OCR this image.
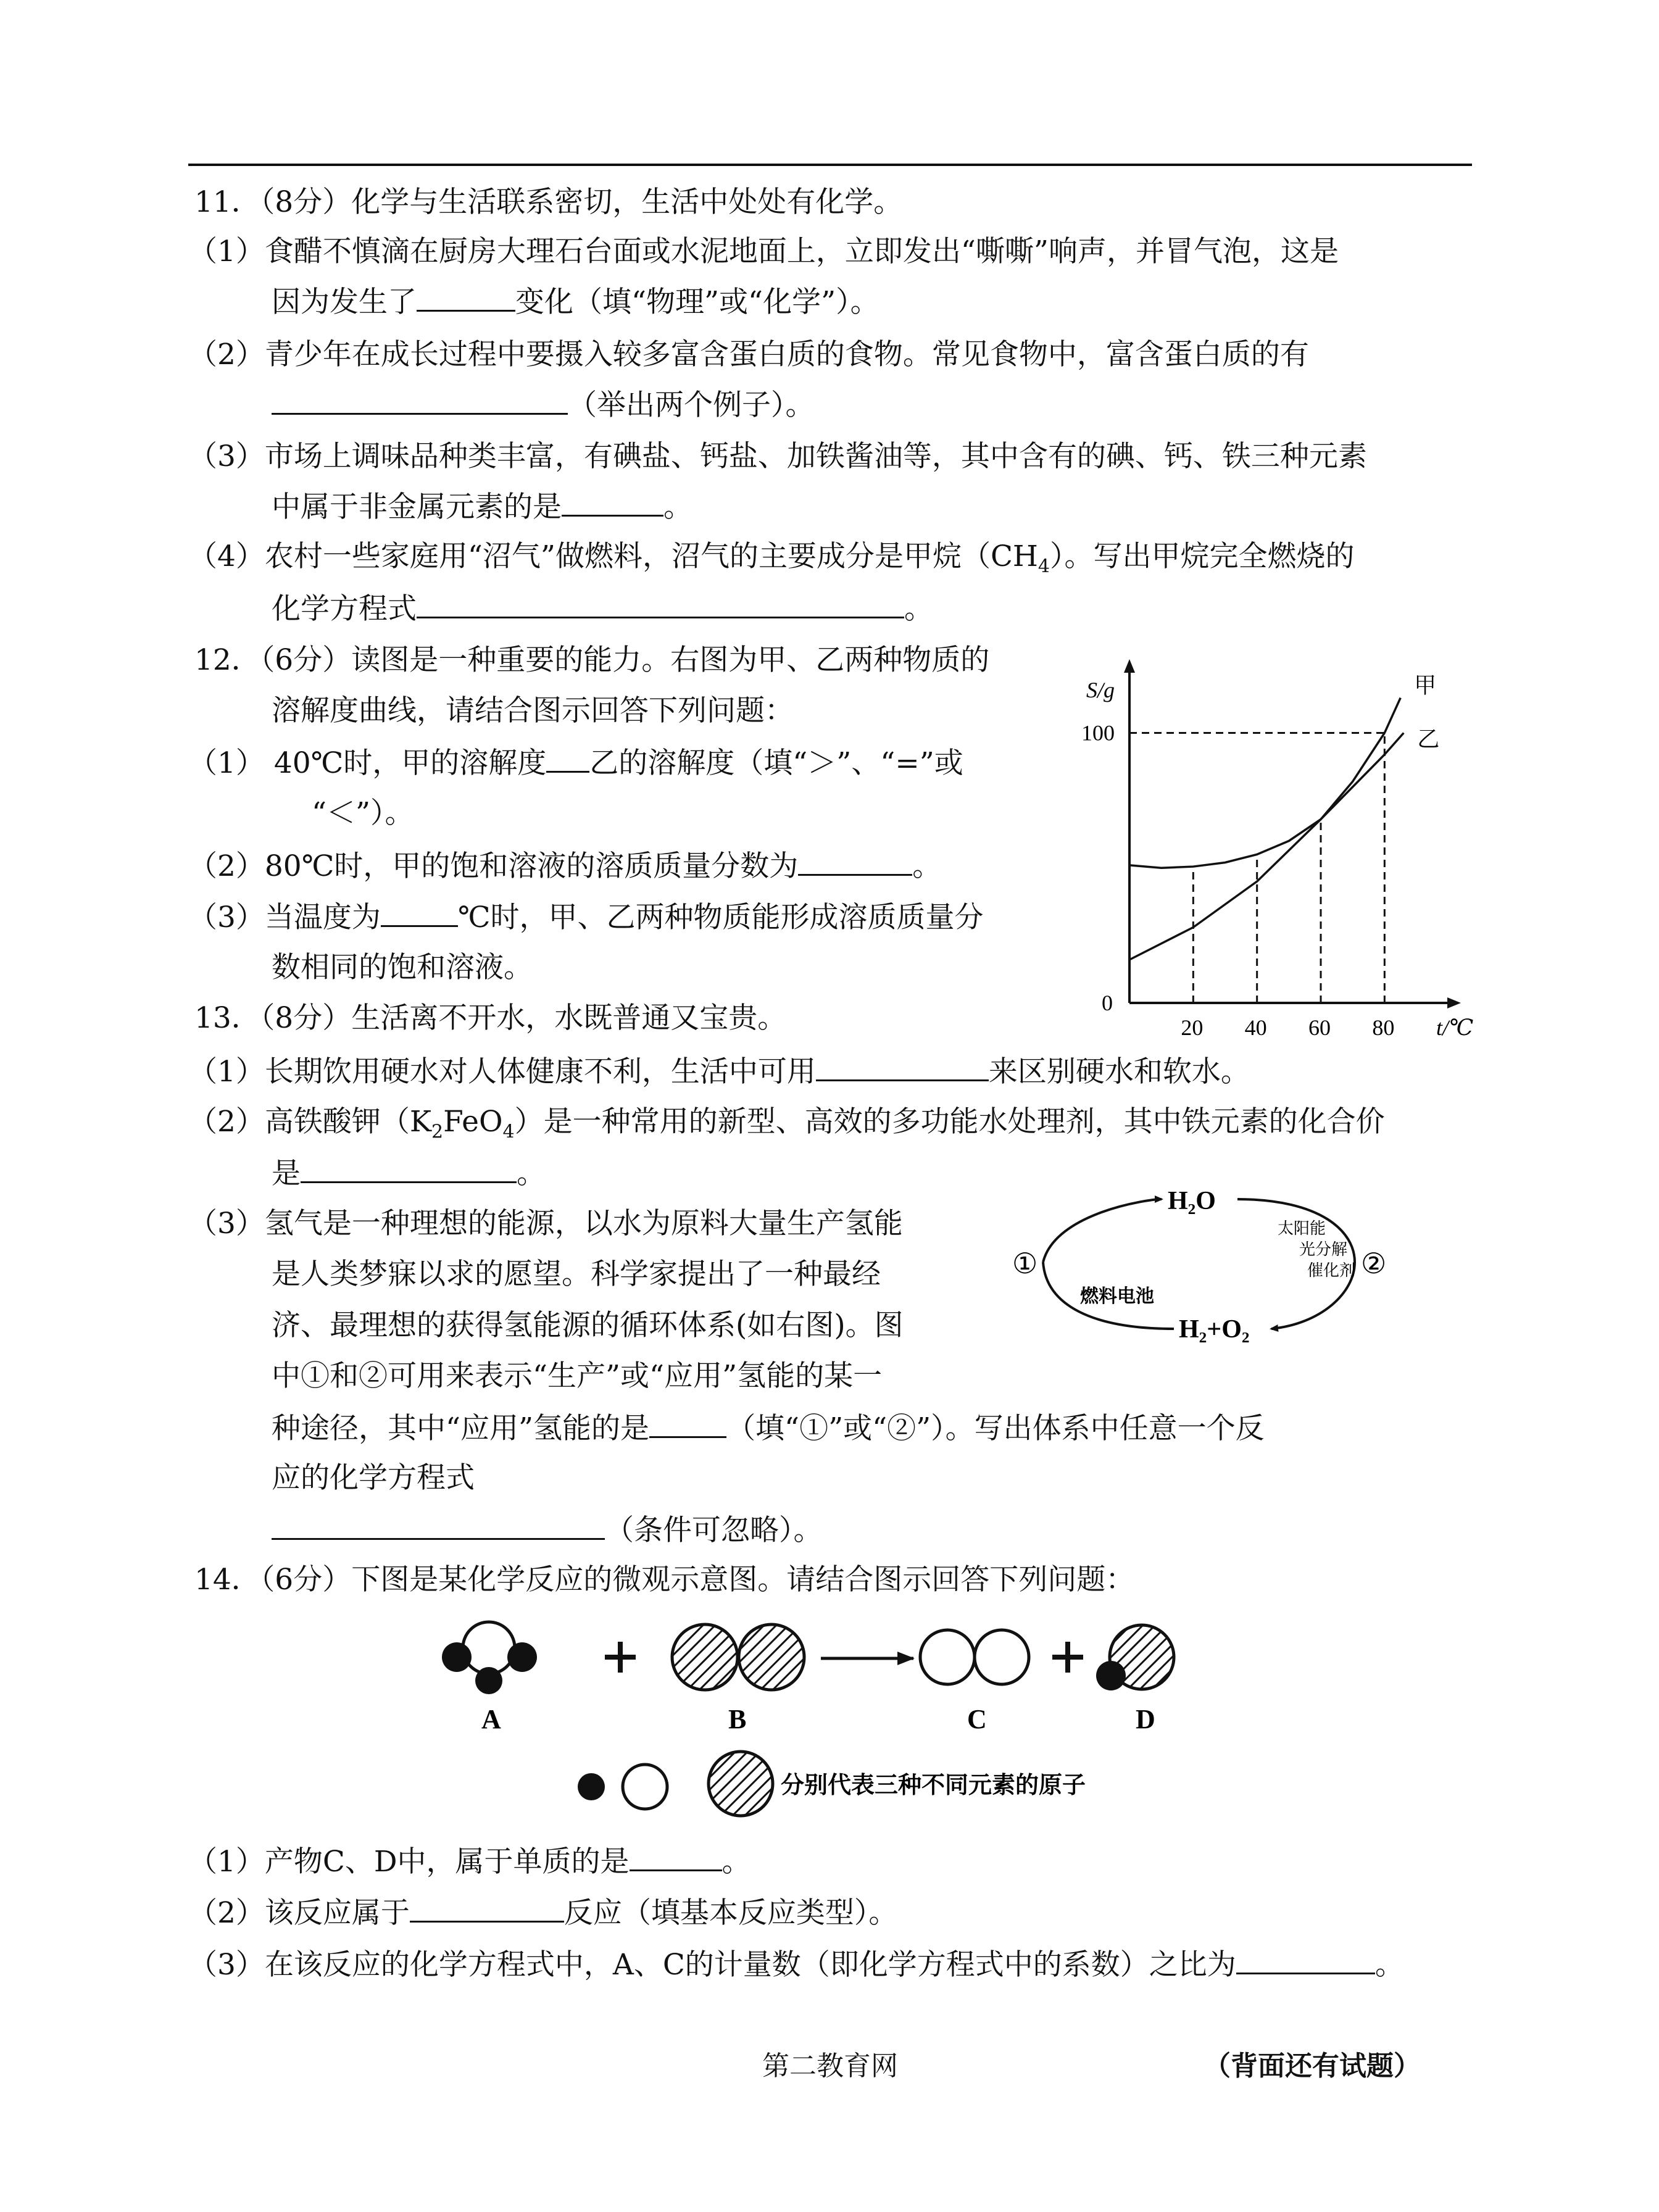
11．（8分）化学与生活联系密切，生活中处处有化学。
（1）食醋不慎滴在厨房大理石台面或水泥地面上，立即发出“嘶嘶”响声，并冒气泡，这是
因为发生了	变化（填“物理”或“化学”）。
（2）青少年在成长过程中要摄入较多富含蛋白质的食物。常见食物中，富含蛋白质的有
（举出两个例子）。
（3）市场上调味品种类丰富，有碘盐、钙盐、加铁酱油等，其中含有的碘、钙、铁三种元素
中属于非金属元素的是	。
（4）农村一些家庭用“沼气”做燃料，沼气的主要成分是甲烷$(CH_4)$。写出甲烷完全燃烧的
化学方程式	。
12．（6分）读图是一种重要的能力。右图为甲、乙两种物质的
溶解度曲线，请结合图示回答下列问题：
（1） 40℃时，甲的溶解度 乙的溶解度（填“＞”、“=”或
“＜”）。
（2）80℃时，甲的饱和溶液的溶质质量分数为	。
（3）当温度为	℃时，甲、乙两种物质能形成溶质质量分
数相同的饱和溶液。
甲
乙
20 40 60 80
0
100
S/g
t/℃
13．（8分）生活离不开水，水既普通又宝贵。
（1）长期饮用硬水对人体健康不利，生活中可用	来区别硬水和软水。
（2）高铁酸钾$(K_2FeO_4)$是一种常用的新型、高效的多功能水处理剂，其中铁元素的化合价
是	。
（3）氢气是一种理想的能源，以水为原料大量生产氢能
是人类梦寐以求的愿望。科学家提出了一种最经
济、最理想的获得氢能源的循环体系(如右图)。图
中①和②可用来表示“生产”或“应用”氢能的某一
种途径，其中“应用”氢能的是	（填“①”或“②”）。写出体系中任意一个反
应的化学方程式
（条件可忽略）。
H₂O
H₂+O₂
①	②
太阳能
光分解
催化剂
燃料电池
14．（6分）下图是某化学反应的微观示意图。请结合图示回答下列问题：
A	B	C	D
分别代表三种不同元素的原子
（1）产物C、D中，属于单质的是	。
（2）该反应属于	反应（填基本反应类型）。
（3）在该反应的化学方程式中，A、C的计量数（即化学方程式中的系数）之比为	。
第二教育网	（背面还有试题）
